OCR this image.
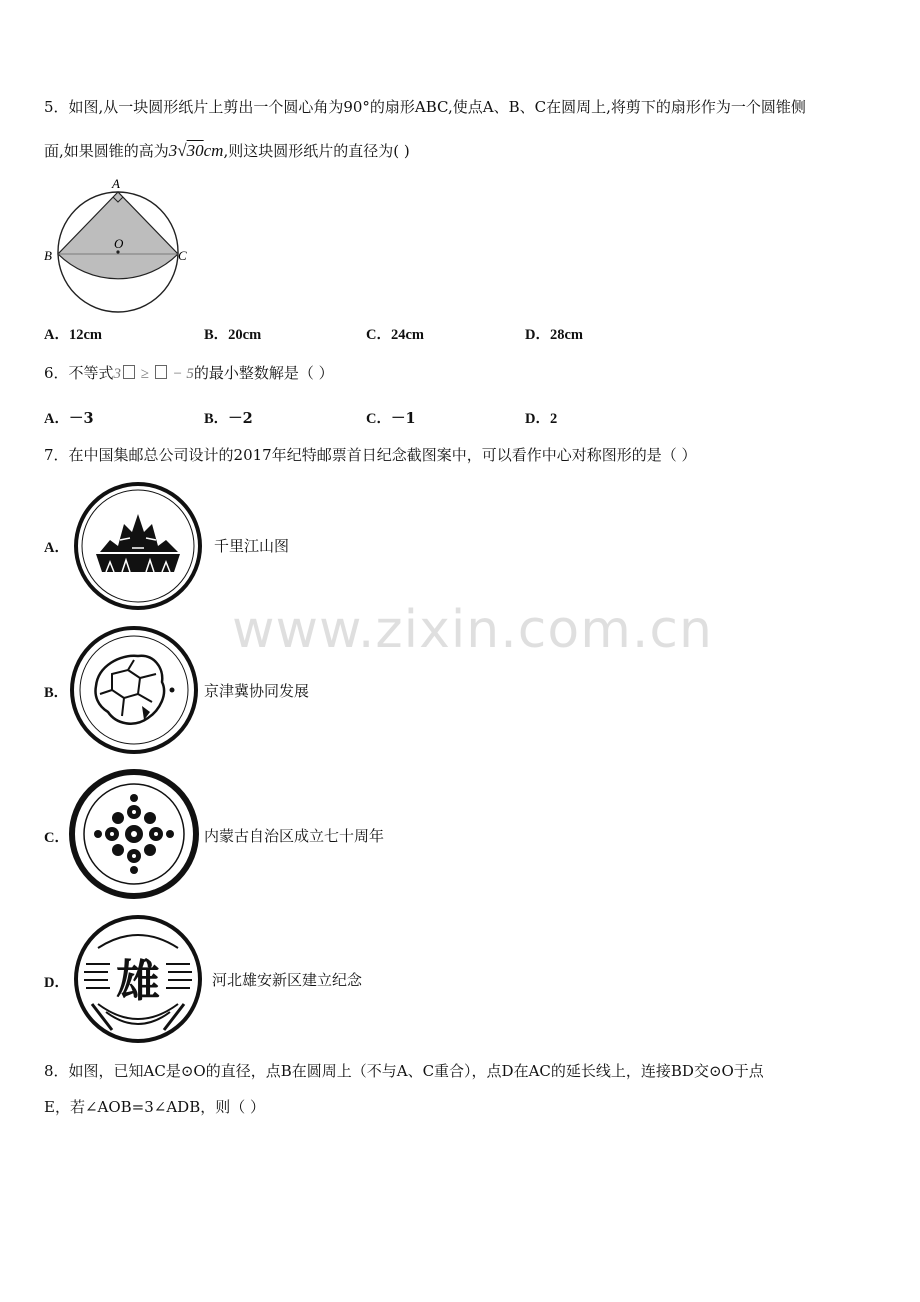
www.zixin.com.cn
5．如图,从一块圆形纸片上剪出一个圆心角为90°的扇形ABC,使点A、B、C在圆周上,将剪下的扇形作为一个圆锥侧
面,如果圆锥的高为3√30cm,则这块圆形纸片的直径为( )
A
B	C
O
A．12cm	B．20cm	C．24cm	D．28cm
6．不等式3 ≥ − 5的最小整数解是（ ）
A．－3	B．－2	C．－1	D．2
7．在中国集邮总公司设计的2017年纪特邮票首日纪念截图案中，可以看作中心对称图形的是（ ）
A．	千里江山图
B．	京津冀协同发展
C．	内蒙古自治区成立七十周年
D． 雄	河北雄安新区建立纪念
8．如图，已知AC是⊙O的直径，点B在圆周上（不与A、C重合），点D在AC的延长线上，连接BD交⊙O于点
E，若∠AOB=3∠ADB，则（ ）
